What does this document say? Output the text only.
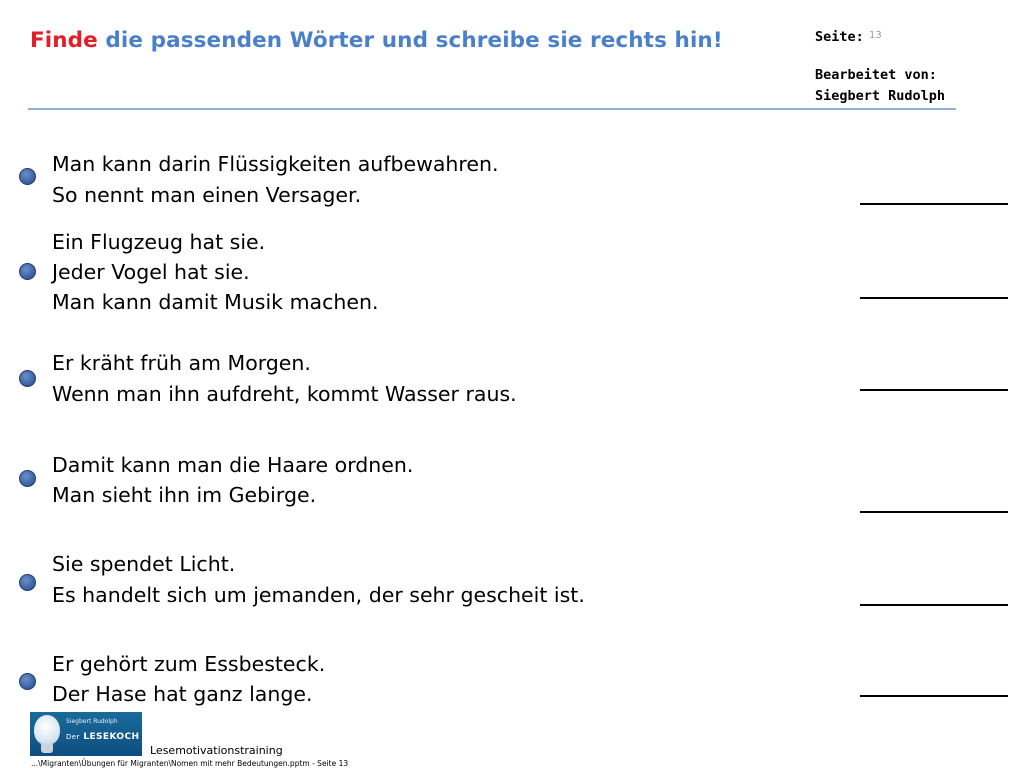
Finde die passenden Wörter und schreibe sie rechts hin!	Seite: 13
Bearbeitet von:
Siegbert Rudolph
Man kann darin Flüssigkeiten aufbewahren.
So nennt man einen Versager.
Ein Flugzeug hat sie.
Jeder Vogel hat sie.
Man kann damit Musik machen.
Er kräht früh am Morgen.
Wenn man ihn aufdreht, kommt Wasser raus.
Damit kann man die Haare ordnen.
Man sieht ihn im Gebirge.
Sie spendet Licht.
Es handelt sich um jemanden, der sehr gescheit ist.
Er gehört zum Essbesteck.
Der Hase hat ganz lange.
Siegbert Rudolph
Der LESEKOCH
Lesemotivationstraining
...\Migranten\Übungen für Migranten\Nomen mit mehr Bedeutungen.pptm - Seite 13
